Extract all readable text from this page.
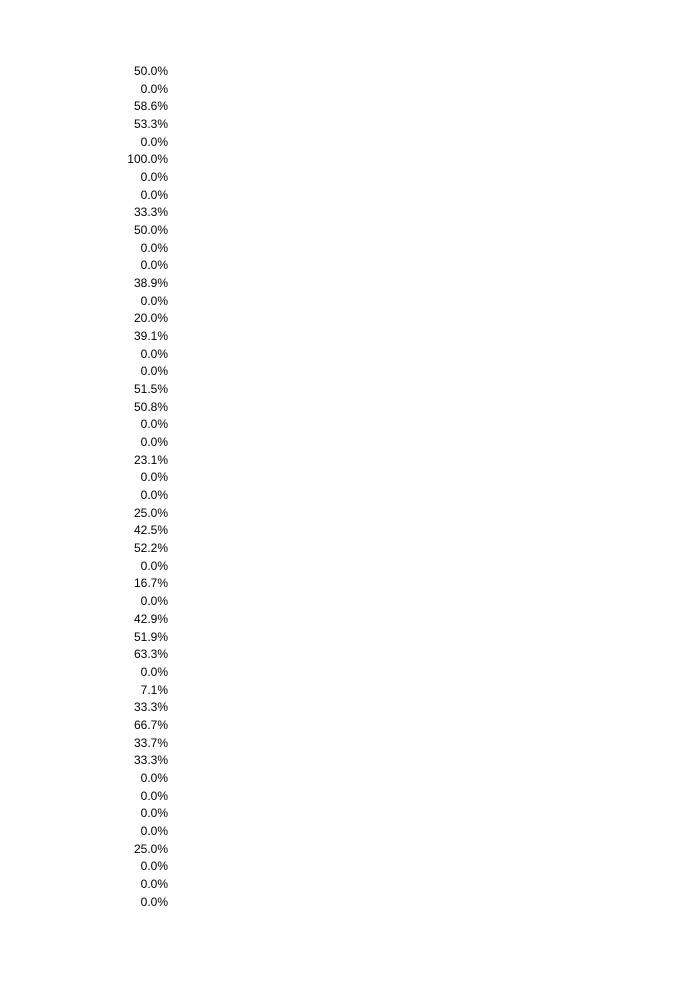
50.0%
0.0%
58.6%
53.3%
0.0%
100.0%
0.0%
0.0%
33.3%
50.0%
0.0%
0.0%
38.9%
0.0%
20.0%
39.1%
0.0%
0.0%
51.5%
50.8%
0.0%
0.0%
23.1%
0.0%
0.0%
25.0%
42.5%
52.2%
0.0%
16.7%
0.0%
42.9%
51.9%
63.3%
0.0%
7.1%
33.3%
66.7%
33.7%
33.3%
0.0%
0.0%
0.0%
0.0%
25.0%
0.0%
0.0%
0.0%
